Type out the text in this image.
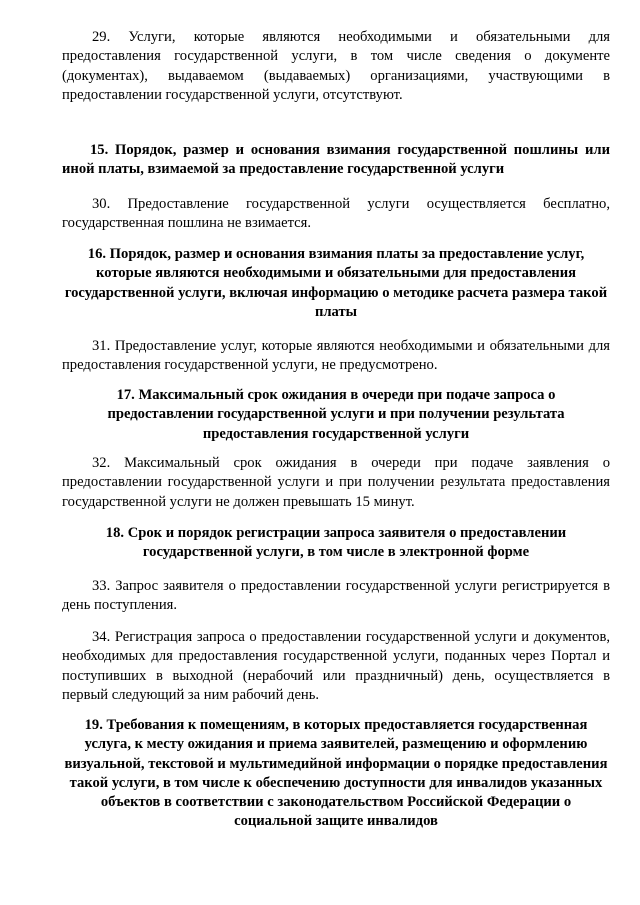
29. Услуги, которые являются необходимыми и обязательными для предоставления государственной услуги, в том числе сведения о документе (документах), выдаваемом (выдаваемых) организациями, участвующими в предоставлении государственной услуги, отсутствуют.

15. Порядок, размер и основания взимания государственной пошлины или иной платы, взимаемой за предоставление государственной услуги

30. Предоставление государственной услуги осуществляется бесплатно, государственная пошлина не взимается.

16. Порядок, размер и основания взимания платы за предоставление услуг, которые являются необходимыми и обязательными для предоставления государственной услуги, включая информацию о методике расчета размера такой платы

31. Предоставление услуг, которые являются необходимыми и обязательными для предоставления государственной услуги, не предусмотрено.

17. Максимальный срок ожидания в очереди при подаче запроса о предоставлении государственной услуги и при получении результата предоставления государственной услуги

32. Максимальный срок ожидания в очереди при подаче заявления о предоставлении государственной услуги и при получении результата предоставления государственной услуги не должен превышать 15 минут.

18. Срок и порядок регистрации запроса заявителя о предоставлении государственной услуги, в том числе в электронной форме

33. Запрос заявителя о предоставлении государственной услуги регистрируется в день поступления.

34. Регистрация запроса о предоставлении государственной услуги и документов, необходимых для предоставления государственной услуги, поданных через Портал и поступивших в выходной (нерабочий или праздничный) день, осуществляется в первый следующий за ним рабочий день.

19. Требования к помещениям, в которых предоставляется государственная услуга, к месту ожидания и приема заявителей, размещению и оформлению визуальной, текстовой и мультимедийной информации о порядке предоставления такой услуги, в том числе к обеспечению доступности для инвалидов указанных объектов в соответствии с законодательством Российской Федерации о социальной защите инвалидов
